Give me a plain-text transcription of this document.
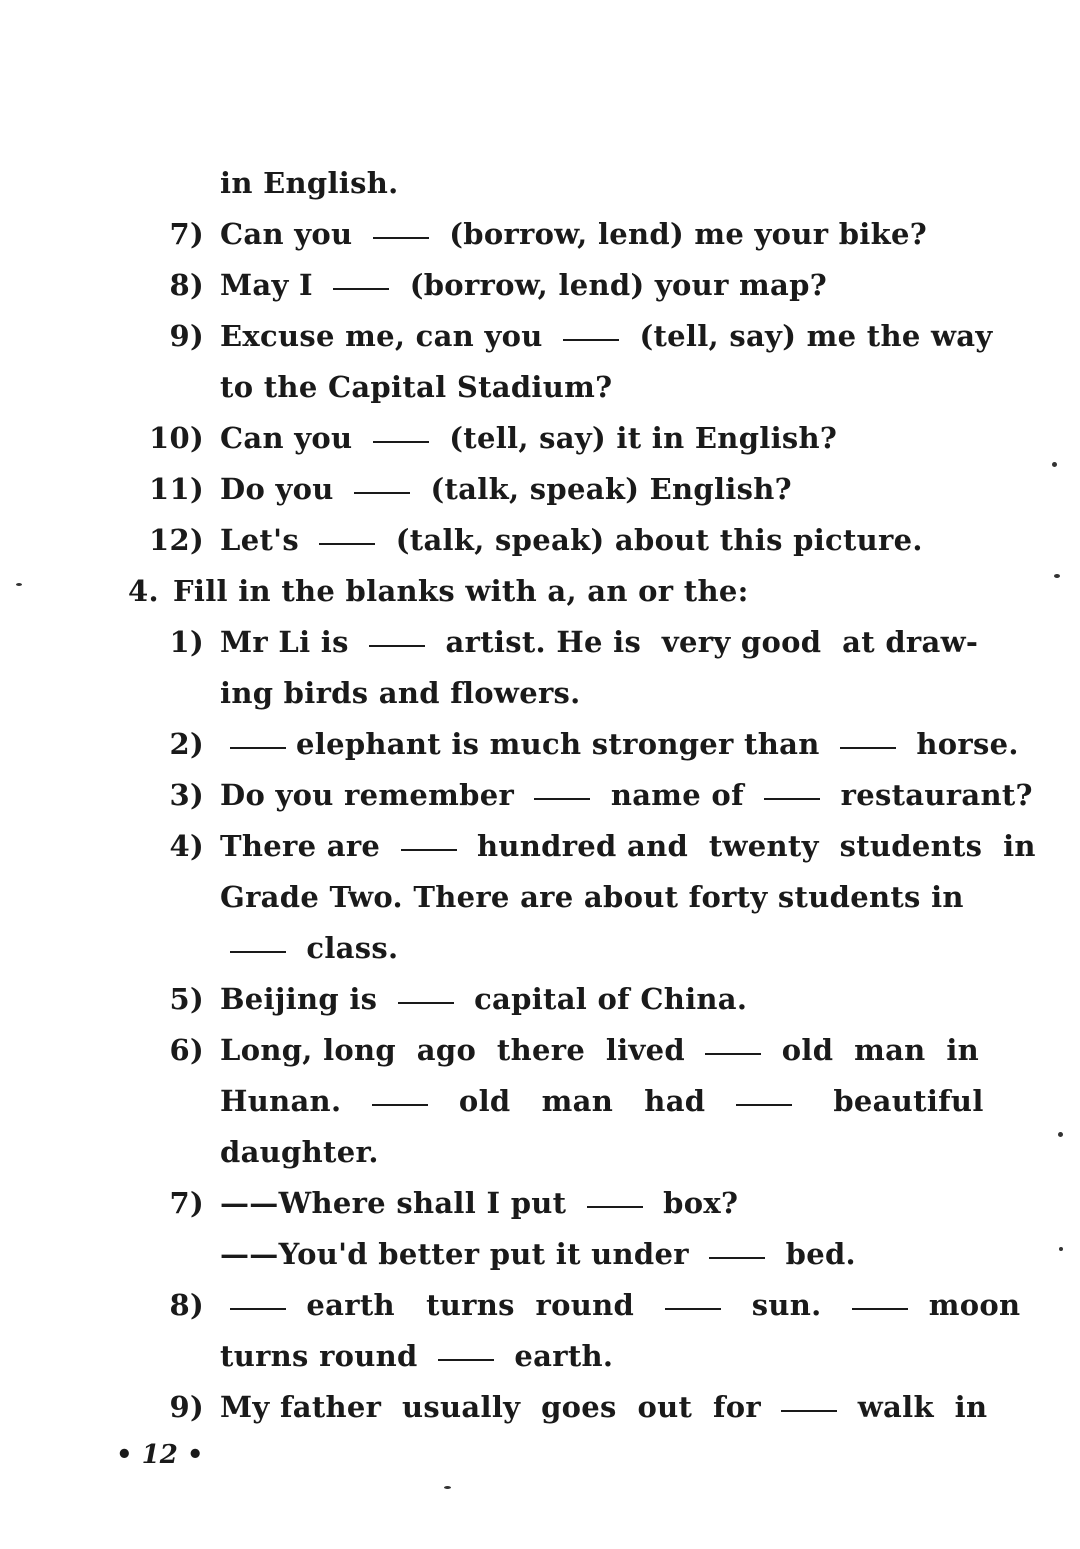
in English.
7) Can you	(borrow, lend) me your bike?
8) May I	(borrow, lend) your map?
9) Excuse me, can you	(tell, say) me the way
to the Capital Stadium?
10) Can you	(tell, say) it in English?
11) Do you	(talk, speak) English?
12) Let's	(talk, speak) about this picture.
4. Fill in the blanks with a, an or the:
1) Mr Li is	artist. He is  very good  at draw-
ing birds and flowers.
2)	elephant is much stronger than	horse.
3) Do you remember	name of	restaurant?
4) There are	hundred and  twenty  students  in
Grade Two. There are about forty students in
class.
5) Beijing is	capital of China.
6) Long, long  ago  there  lived	old  man  in
Hunan.	old   man   had	beautiful
daughter.
7) ——Where shall I put	box?
——You'd better put it under	bed.
8)	earth   turns  round	sun.	moon
turns round	earth.
9) My father  usually  goes  out  for	walk  in
• 12 •
